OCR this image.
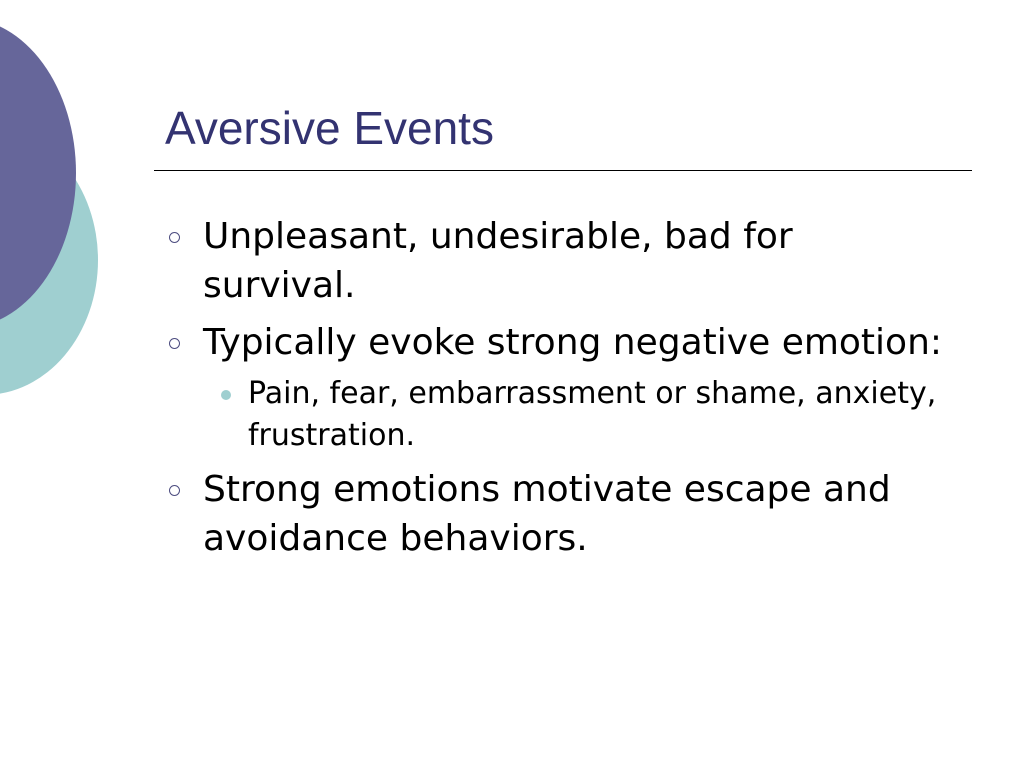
Aversive Events
Unpleasant, undesirable, bad for survival.
Typically evoke strong negative emotion:
Pain, fear, embarrassment or shame, anxiety, frustration.
Strong emotions motivate escape and avoidance behaviors.
